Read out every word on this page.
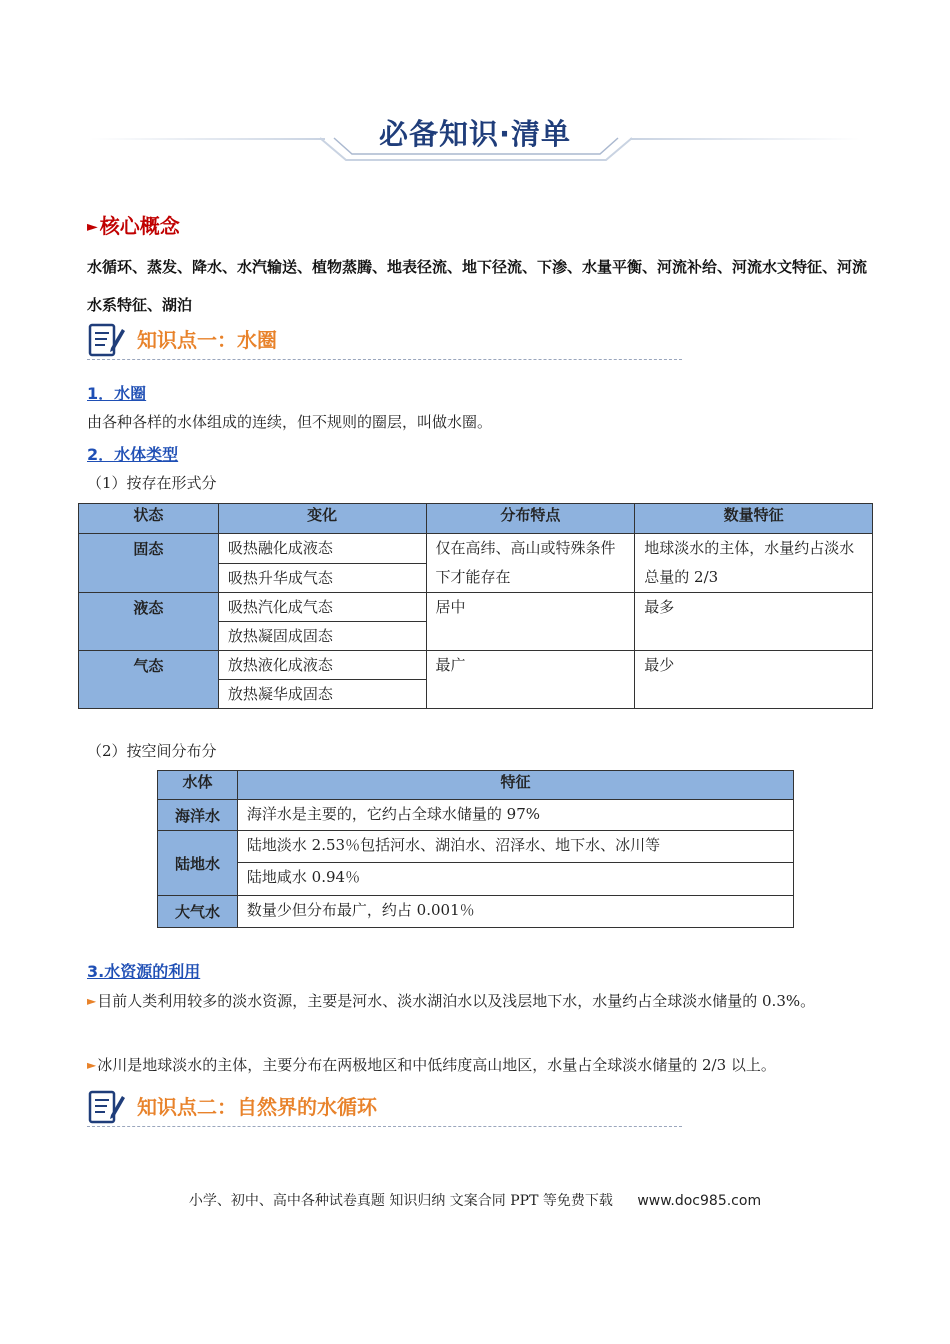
必备知识·清单
► 核心概念
水循环、蒸发、降水、水汽输送、植物蒸腾、地表径流、地下径流、下渗、水量平衡、河流补给、河流水文特征、河流水系特征、湖泊
知识点一：水圈
1．水圈
由各种各样的水体组成的连续，但不规则的圈层，叫做水圈。
2．水体类型
（1）按存在形式分
状态	变化	分布特点	数量特征
固态	吸热融化成液态	仅在高纬、高山或特殊条件下才能存在	地球淡水的主体，水量约占淡水总量的 2/3
	吸热升华成气态		
液态	吸热汽化成气态	居中	最多
	放热凝固成固态		
气态	放热液化成液态	最广	最少
	放热凝华成固态		
（2）按空间分布分
水体	特征
海洋水	海洋水是主要的，它约占全球水储量的 97%
陆地水	陆地淡水 2.53％包括河水、湖泊水、沼泽水、地下水、冰川等
	陆地咸水 0.94％
大气水	数量少但分布最广，约占 0.001％
3.水资源的利用
►目前人类利用较多的淡水资源，主要是河水、淡水湖泊水以及浅层地下水，水量约占全球淡水储量的 0.3%。
►冰川是地球淡水的主体，主要分布在两极地区和中低纬度高山地区，水量占全球淡水储量的 2/3 以上。
知识点二：自然界的水循环
小学、初中、高中各种试卷真题 知识归纳 文案合同 PPT 等免费下载 www.doc985.com
